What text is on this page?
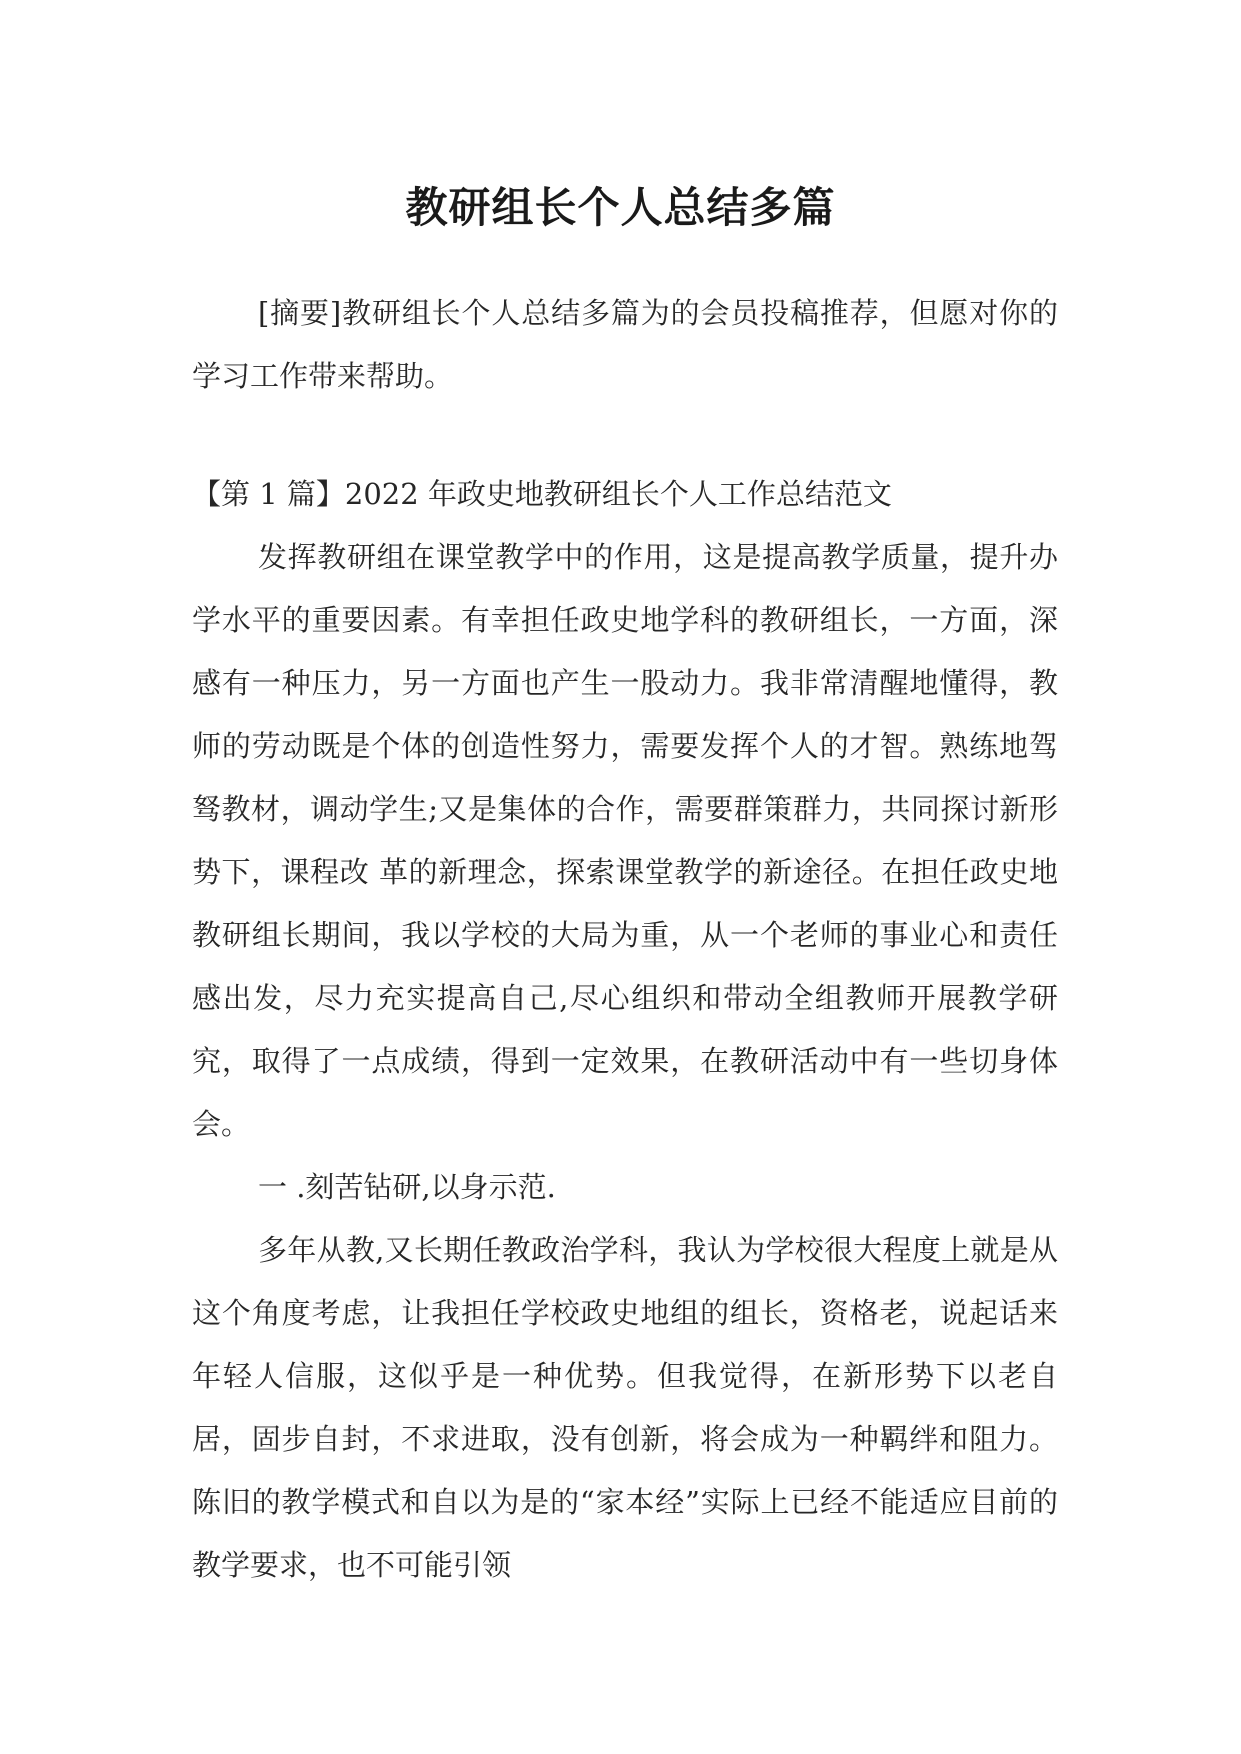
教研组长个人总结多篇

[摘要]教研组长个人总结多篇为的会员投稿推荐，但愿对你的学习工作带来帮助。

【第 1 篇】2022 年政史地教研组长个人工作总结范文

发挥教研组在课堂教学中的作用，这是提高教学质量，提升办学水平的重要因素。有幸担任政史地学科的教研组长，一方面，深感有一种压力，另一方面也产生一股动力。我非常清醒地懂得，教师的劳动既是个体的创造性努力，需要发挥个人的才智。熟练地驾驽教材，调动学生;又是集体的合作，需要群策群力，共同探讨新形势下，课程改 革的新理念，探索课堂教学的新途径。在担任政史地教研组长期间，我以学校的大局为重，从一个老师的事业心和责任感出发，尽力充实提高自己,尽心组织和带动全组教师开展教学研究，取得了一点成绩，得到一定效果，在教研活动中有一些切身体会。

一 .刻苦钻研,以身示范.

多年从教,又长期任教政治学科，我认为学校很大程度上就是从这个角度考虑，让我担任学校政史地组的组长，资格老，说起话来年轻人信服，这似乎是一种优势。但我觉得，在新形势下以老自居，固步自封，不求进取，没有创新，将会成为一种羁绊和阻力。陈旧的教学模式和自以为是的“家本经”实际上已经不能适应目前的教学要求，也不可能引领
